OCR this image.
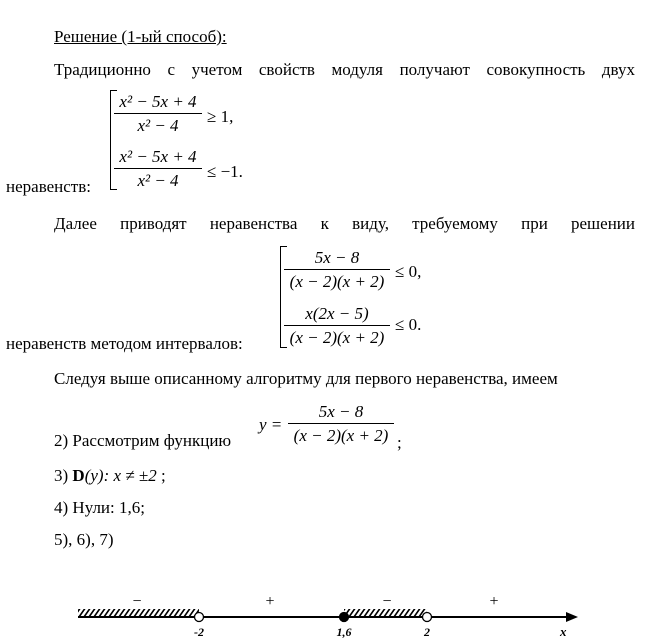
Решение (1-ый способ):
Традиционно с учетом свойств модуля получают совокупность двух
$\frac{\text{x² − 5x + 4}}{\text{x² − 4}} \ge 1$,
$\frac{\text{x² − 5x + 4}}{\text{x² − 4}} \le -1$.
неравенств:
Далее приводят неравенства к виду, требуемому при решении
$\frac{5x - 8}{(x - 2)(x + 2)} \le 0$,
$\frac{x(2x - 5)}{(x - 2)(x + 2)} \le 0$.
неравенств методом интервалов:
Следуя выше описанному алгоритму для первого неравенства, имеем
2) Рассмотрим функцию
$y = \frac{5x - 8}{(x - 2)(x + 2)}$ ;
3) D(y): x ≠ ±2 ;
4) Нули: 1,6;
5), 6), 7)
x
−	+	−	+
-2	1,6	2
